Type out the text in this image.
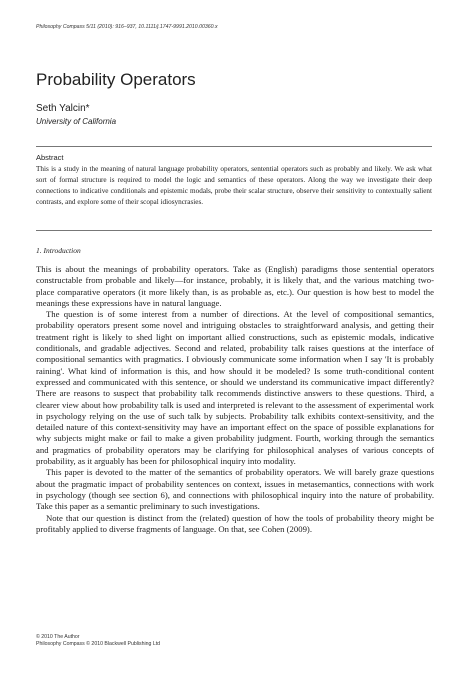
Philosophy Compass 5/11 (2010): 916–937, 10.1111/j.1747-9991.2010.00360.x
Probability Operators
Seth Yalcin*
University of California
Abstract
This is a study in the meaning of natural language probability operators, sentential operators such as probably and likely. We ask what sort of formal structure is required to model the logic and semantics of these operators. Along the way we investigate their deep connections to indicative conditionals and epistemic modals, probe their scalar structure, observe their sensitivity to contextually salient contrasts, and explore some of their scopal idiosyncrasies.
1. Introduction

This is about the meanings of probability operators. Take as (English) paradigms those sentential operators constructable from probable and likely—for instance, probably, it is likely that, and the various matching two-place comparative operators (it more likely than, is as probable as, etc.). Our question is how best to model the meanings these expressions have in natural language.

The question is of some interest from a number of directions. At the level of compositional semantics, probability operators present some novel and intriguing obstacles to straightforward analysis, and getting their treatment right is likely to shed light on important allied constructions, such as epistemic modals, indicative conditionals, and gradable adjectives. Second and related, probability talk raises questions at the interface of compositional semantics with pragmatics. I obviously communicate some information when I say 'It is probably raining'. What kind of information is this, and how should it be modeled? Is some truth-conditional content expressed and communicated with this sentence, or should we understand its communicative impact differently? There are reasons to suspect that probability talk recommends distinctive answers to these questions. Third, a clearer view about how probability talk is used and interpreted is relevant to the assessment of experimental work in psychology relying on the use of such talk by subjects. Probability talk exhibits context-sensitivity, and the detailed nature of this context-sensitivity may have an important effect on the space of possible explanations for why subjects might make or fail to make a given probability judgment. Fourth, working through the semantics and pragmatics of probability operators may be clarifying for philosophical analyses of various concepts of probability, as it arguably has been for philosophical inquiry into modality.

This paper is devoted to the matter of the semantics of probability operators. We will barely graze questions about the pragmatic impact of probability sentences on context, issues in metasemantics, connections with work in psychology (though see section 6), and connections with philosophical inquiry into the nature of probability. Take this paper as a semantic preliminary to such investigations.

Note that our question is distinct from the (related) question of how the tools of probability theory might be profitably applied to diverse fragments of language. On that, see Cohen (2009).

© 2010 The Author
Philosophy Compass © 2010 Blackwell Publishing Ltd
